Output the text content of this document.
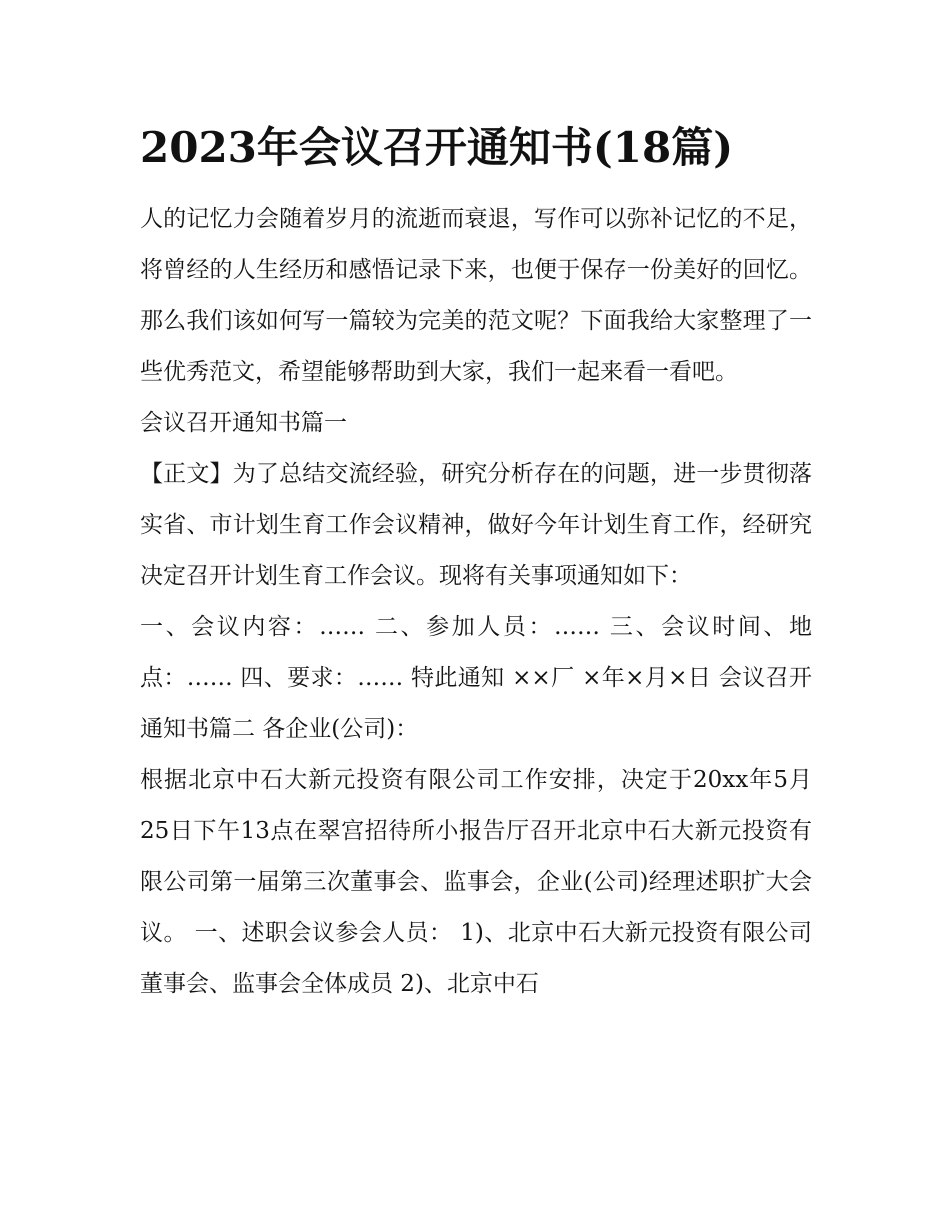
2023年会议召开通知书(18篇)

人的记忆力会随着岁月的流逝而衰退，写作可以弥补记忆的不足，将曾经的人生经历和感悟记录下来，也便于保存一份美好的回忆。那么我们该如何写一篇较为完美的范文呢？下面我给大家整理了一些优秀范文，希望能够帮助到大家，我们一起来看一看吧。

会议召开通知书篇一

【正文】为了总结交流经验，研究分析存在的问题，进一步贯彻落实省、市计划生育工作会议精神，做好今年计划生育工作，经研究决定召开计划生育工作会议。现将有关事项通知如下：

一、会议内容：…… 二、参加人员：…… 三、会议时间、地点：…… 四、要求：…… 特此通知 ××厂 ×年×月×日 会议召开通知书篇二 各企业(公司)：

根据北京中石大新元投资有限公司工作安排，决定于20xx年5月25日下午13点在翠宫招待所小报告厅召开北京中石大新元投资有限公司第一届第三次董事会、监事会，企业(公司)经理述职扩大会议。 一、述职会议参会人员： 1)、北京中石大新元投资有限公司董事会、监事会全体成员 2)、北京中石
